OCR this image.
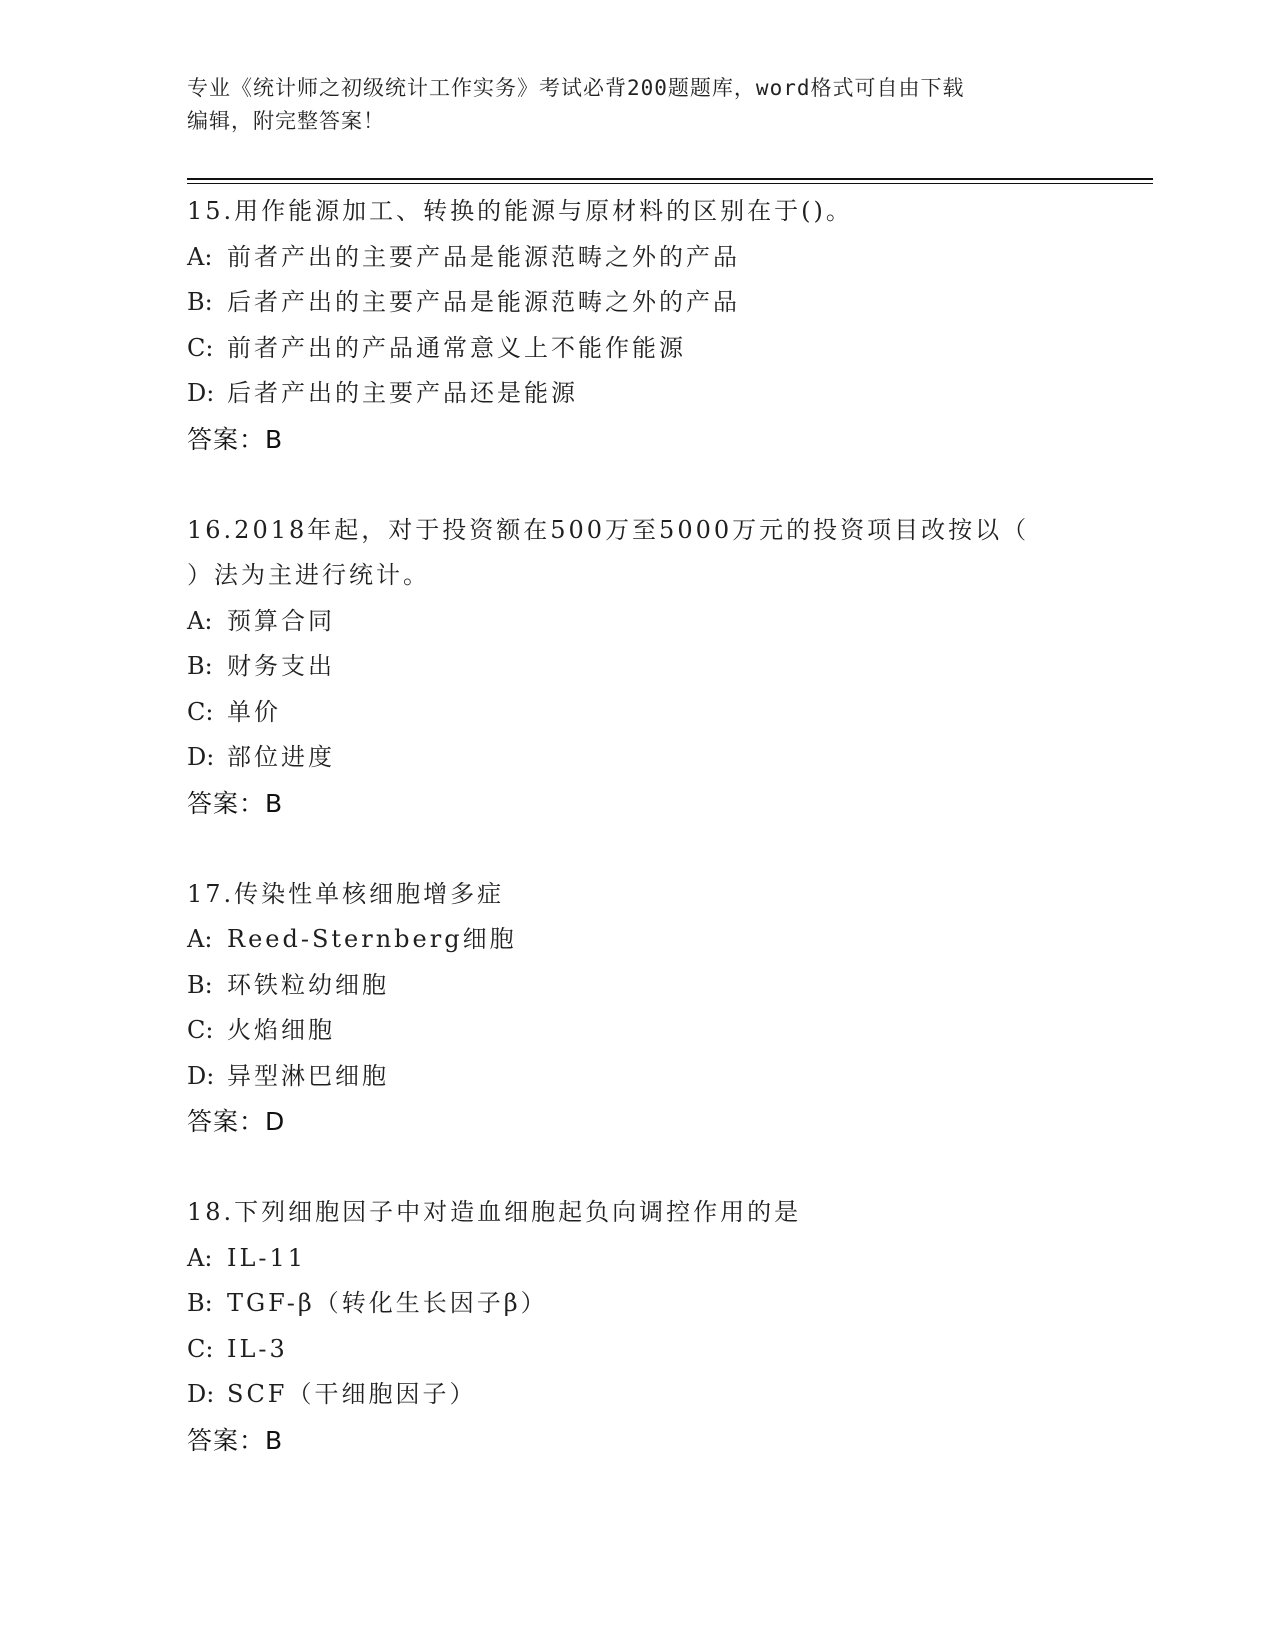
专业《统计师之初级统计工作实务》考试必背200题题库，word格式可自由下载
编辑，附完整答案！
15.用作能源加工、转换的能源与原材料的区别在于()。
A: 前者产出的主要产品是能源范畴之外的产品
B: 后者产出的主要产品是能源范畴之外的产品
C: 前者产出的产品通常意义上不能作能源
D: 后者产出的主要产品还是能源
答案：B
16.2018年起，对于投资额在500万至5000万元的投资项目改按以（
）法为主进行统计。
A: 预算合同
B: 财务支出
C: 单价
D: 部位进度
答案：B
17.传染性单核细胞增多症
A: Reed-Sternberg细胞
B: 环铁粒幼细胞
C: 火焰细胞
D: 异型淋巴细胞
答案：D
18.下列细胞因子中对造血细胞起负向调控作用的是
A: IL-11
B: TGF-β（转化生长因子β）
C: IL-3
D: SCF（干细胞因子）
答案：B
